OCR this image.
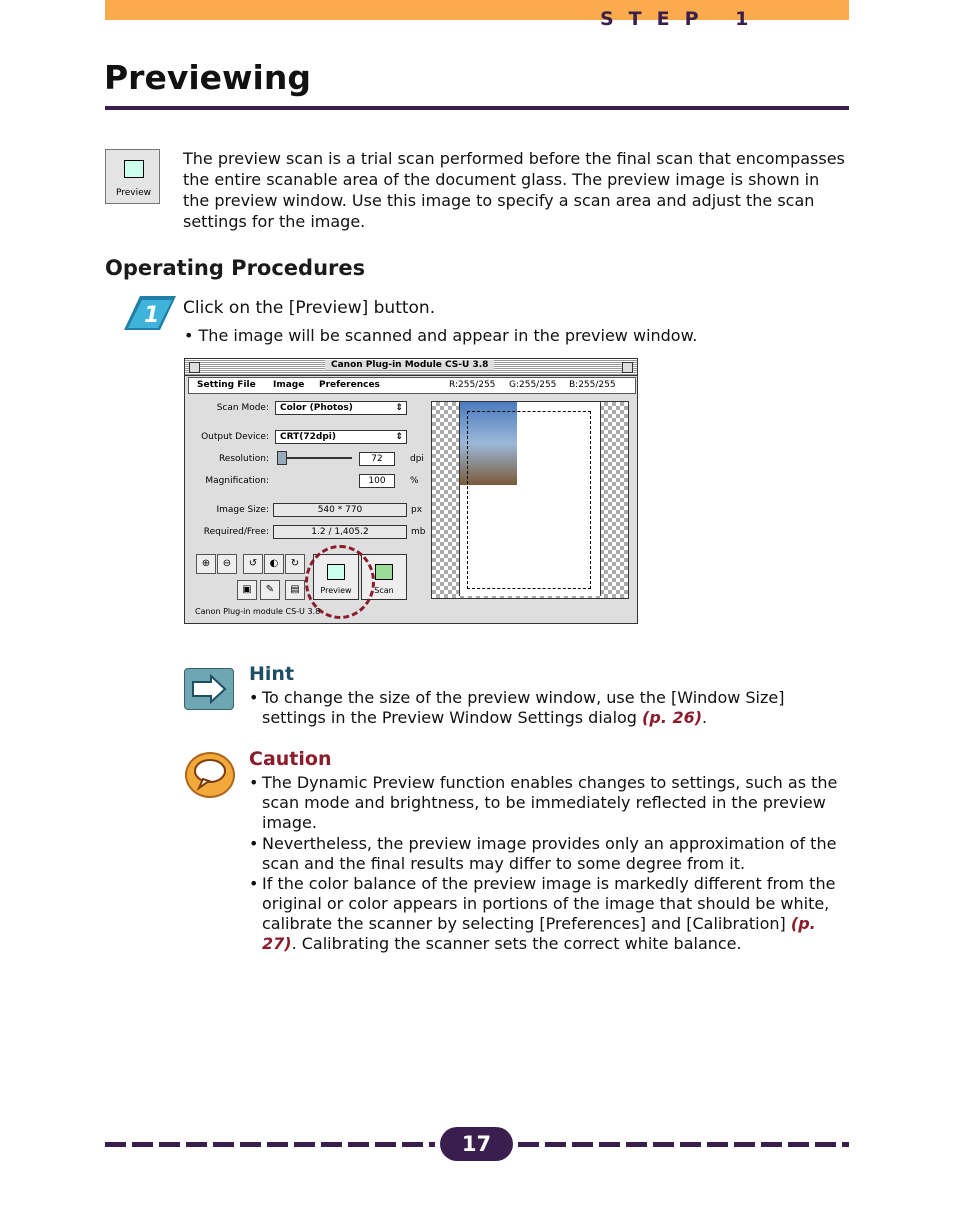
STEP 1
Previewing
Preview
The preview scan is a trial scan performed before the final scan that encompasses the entire scanable area of the document glass. The preview image is shown in the preview window. Use this image to specify a scan area and adjust the scan settings for the image.
Operating Procedures
1 Click on the [Preview] button.
• The image will be scanned and appear in the preview window.
Canon Plug-in Module CS-U 3.8
Setting File Image Preferences	R:255/255 G:255/255 B:255/255
Scan Mode:	Color (Photos)	⇕
Output Device:	CRT(72dpi)	⇕
Resolution:	72	dpi
Magnification:	100	%
Image Size:	540 * 770	px
Required/Free:	1.2 / 1,405.2	mb
⊕	⊖	↺	◐	↻
▣	✎	▤	Preview	Scan
Canon Plug-in module CS-U 3.8
Hint
• To change the size of the preview window, use the [Window Size] settings in the Preview Window Settings dialog (p. 26).
Caution
• The Dynamic Preview function enables changes to settings, such as the scan mode and brightness, to be immediately reflected in the preview image.
• Nevertheless, the preview image provides only an approximation of the scan and the final results may differ to some degree from it.
• If the color balance of the preview image is markedly different from the original or color appears in portions of the image that should be white, calibrate the scanner by selecting [Preferences] and [Calibration] (p. 27). Calibrating the scanner sets the correct white balance.
17
